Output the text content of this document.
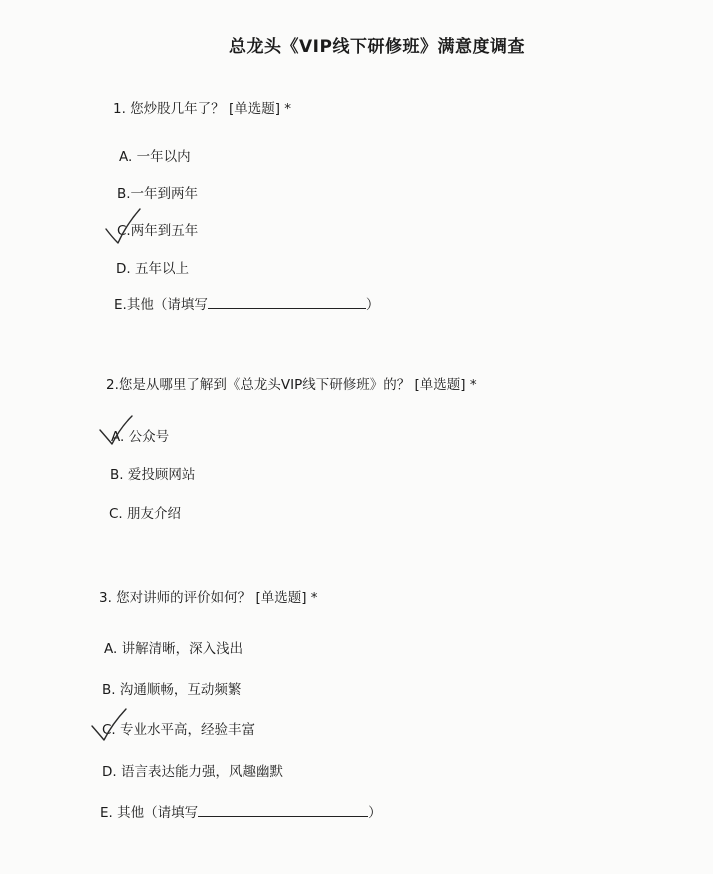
总龙头《VIP线下研修班》满意度调查
1. 您炒股几年了？ [单选题] *
A. 一年以内
B.一年到两年
C.两年到五年
D. 五年以上
E.其他（请填写	）
2.您是从哪里了解到《总龙头VIP线下研修班》的？ [单选题] *
A. 公众号
B. 爱投顾网站
C. 朋友介绍
3. 您对讲师的评价如何？ [单选题] *
A. 讲解清晰，深入浅出
B. 沟通顺畅，互动频繁
C. 专业水平高，经验丰富
D. 语言表达能力强，风趣幽默
E. 其他（请填写	）
